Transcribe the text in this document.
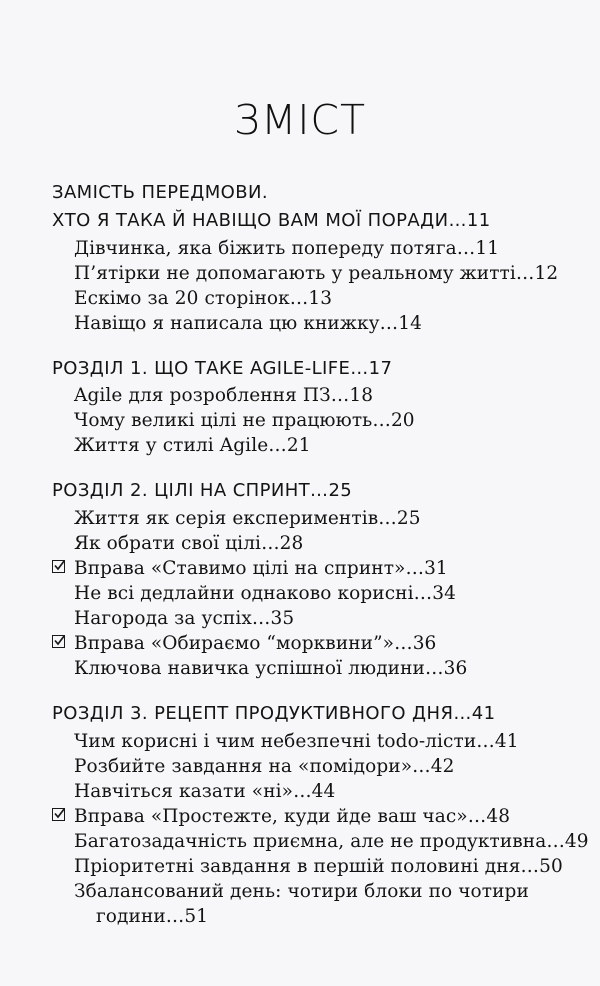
ЗМІСТ
ЗАМІСТЬ ПЕРЕДМОВИ.
ХТО Я ТАКА Й НАВІЩО ВАМ МОЇ ПОРАДИ…11
Дівчинка, яка біжить попереду потяга…11
П’ятірки не допомагають у реальному житті…12
Ескімо за 20 сторінок…13
Навіщо я написала цю книжку…14
РОЗДІЛ 1. ЩО ТАКЕ AGILE-LIFE…17
Agile для розроблення ПЗ…18
Чому великі цілі не працюють…20
Життя у стилі Agile…21
РОЗДІЛ 2. ЦІЛІ НА СПРИНТ…25
Життя як серія експериментів…25
Як обрати свої цілі…28
Вправа «Ставимо цілі на спринт»…31
Не всі дедлайни однаково корисні…34
Нагорода за успіх…35
Вправа «Обираємо “морквини”»…36
Ключова навичка успішної людини…36
РОЗДІЛ 3. РЕЦЕПТ ПРОДУКТИВНОГО ДНЯ…41
Чим корисні і чим небезпечні todo-лісти…41
Розбийте завдання на «помідори»…42
Навчіться казати «ні»…44
Вправа «Простежте, куди йде ваш час»…48
Багатозадачність приємна, але не продуктивна…49
Пріоритетні завдання в першій половині дня…50
Збалансований день: чотири блоки по чотири
години…51
